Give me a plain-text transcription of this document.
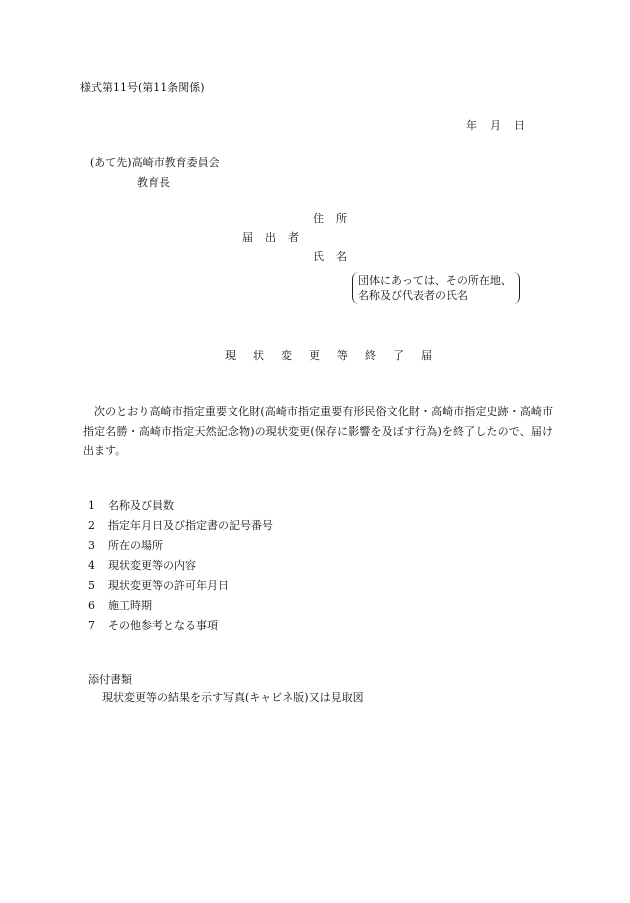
様式第11号(第11条関係)
年 月 日
(あて先)高崎市教育委員会
教育長
住所
届出者
氏名
団体にあっては、その所在地、
名称及び代表者の氏名
現状変更等終了届

次のとおり高崎市指定重要文化財(高崎市指定重要有形民俗文化財・高崎市指定史跡・高崎市指定名勝・高崎市指定天然記念物)の現状変更(保存に影響を及ぼす行為)を終了したので、届け出ます。

1 名称及び員数
2 指定年月日及び指定書の記号番号
3 所在の場所
4 現状変更等の内容
5 現状変更等の許可年月日
6 施工時期
7 その他参考となる事項
添付書類
現状変更等の結果を示す写真(キャビネ版)又は見取図
